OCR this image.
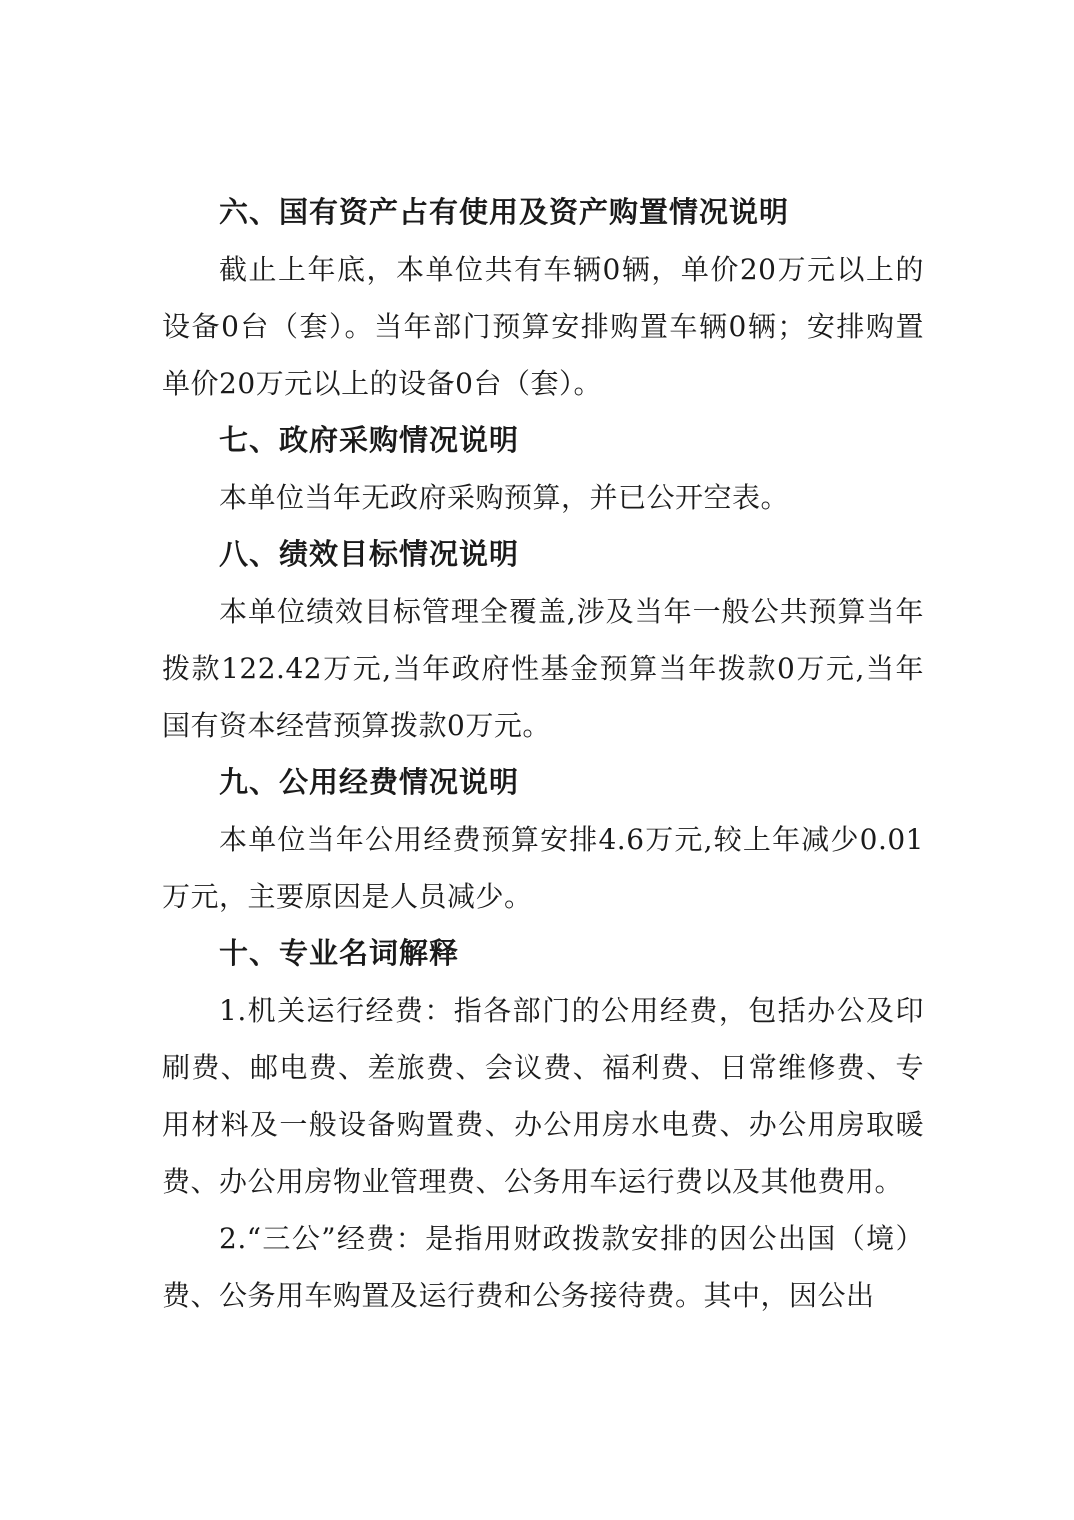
六、国有资产占有使用及资产购置情况说明

截止上年底，本单位共有车辆0辆，单价20万元以上的设备0台（套）。当年部门预算安排购置车辆0辆；安排购置单价20万元以上的设备0台（套）。

七、政府采购情况说明

本单位当年无政府采购预算，并已公开空表。

八、绩效目标情况说明

本单位绩效目标管理全覆盖,涉及当年一般公共预算当年拨款122.42万元,当年政府性基金预算当年拨款0万元,当年国有资本经营预算拨款0万元。

九、公用经费情况说明

本单位当年公用经费预算安排4.6万元,较上年减少0.01万元，主要原因是人员减少。

十、专业名词解释

1.机关运行经费：指各部门的公用经费，包括办公及印刷费、邮电费、差旅费、会议费、福利费、日常维修费、专用材料及一般设备购置费、办公用房水电费、办公用房取暖费、办公用房物业管理费、公务用车运行费以及其他费用。

2.“三公”经费：是指用财政拨款安排的因公出国（境）费、公务用车购置及运行费和公务接待费。其中，因公出
